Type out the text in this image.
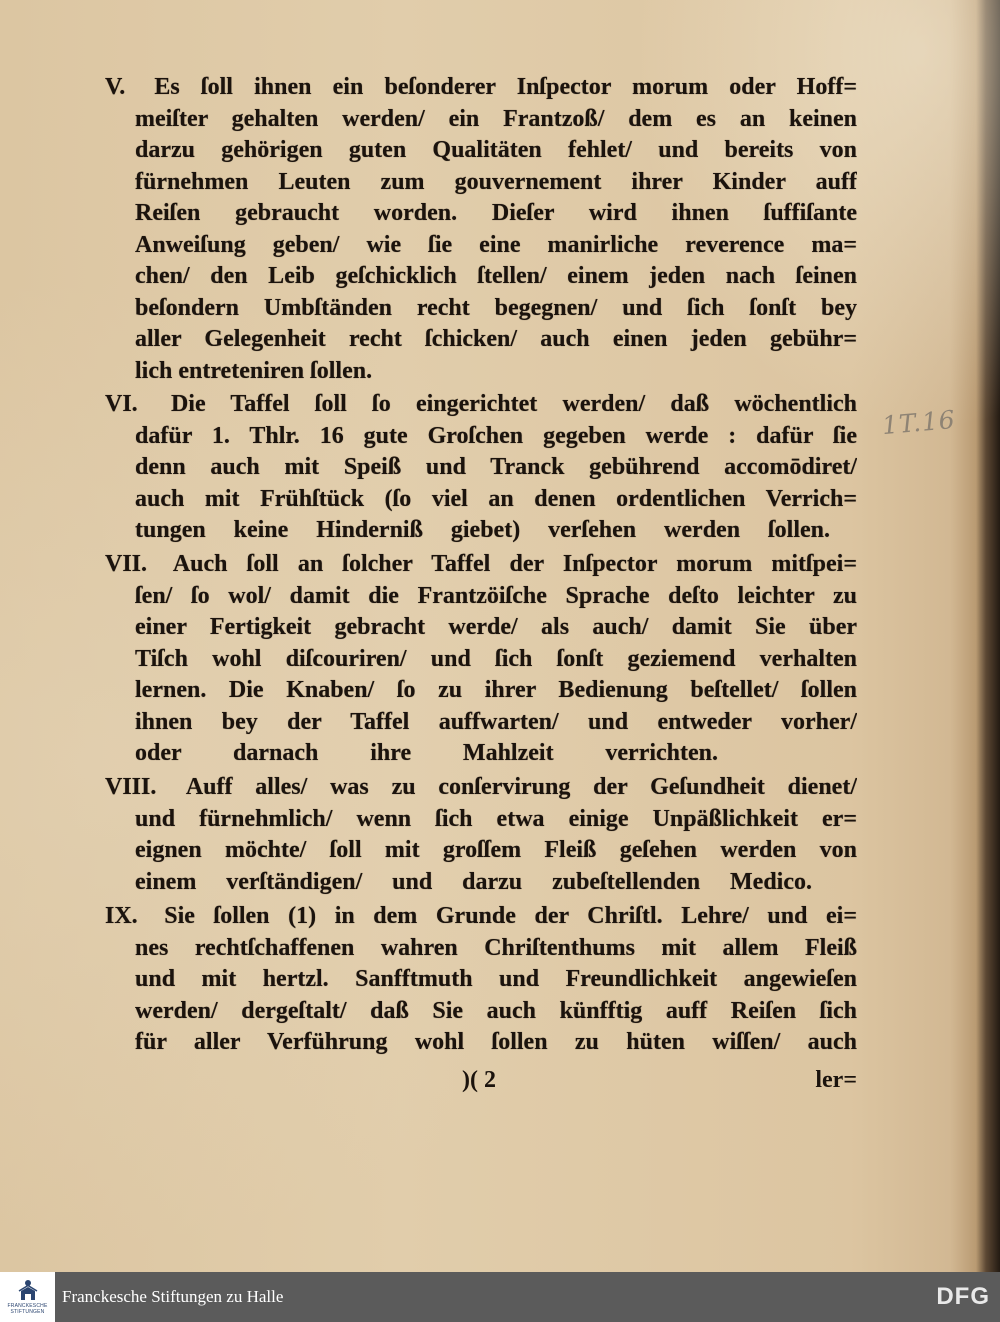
V. Es ſoll ihnen ein beſonderer Inſpector morum oder Hoff=
meiſter gehalten werden/ ein Frantzoß/ dem es an keinen
darzu gehörigen guten Qualitäten fehlet/ und bereits von
fürnehmen Leuten zum gouvernement ihrer Kinder auff
Reiſen gebraucht worden. Dieſer wird ihnen ſuffiſante
Anweiſung geben/ wie ſie eine manirliche reverence ma=
chen/ den Leib geſchicklich ſtellen/ einem jeden nach ſeinen
beſondern Umbſtänden recht begegnen/ und ſich ſonſt bey
aller Gelegenheit recht ſchicken/ auch einen jeden gebühr=
lich entreteniren ſollen.
VI. Die Taffel ſoll ſo eingerichtet werden/ daß wöchentlich
dafür 1. Thlr. 16 gute Groſchen gegeben werde : dafür ſie
denn auch mit Speiß und Tranck gebührend accomōdiret/
auch mit Frühſtück (ſo viel an denen ordentlichen Verrich=
tungen keine Hinderniß giebet) verſehen werden ſollen.
VII. Auch ſoll an ſolcher Taffel der Inſpector morum mitſpei=
ſen/ ſo wol/ damit die Frantzöiſche Sprache deſto leichter zu
einer Fertigkeit gebracht werde/ als auch/ damit Sie über
Tiſch wohl diſcouriren/ und ſich ſonſt geziemend verhalten
lernen. Die Knaben/ ſo zu ihrer Bedienung beſtellet/ ſollen
ihnen bey der Taffel auffwarten/ und entweder vorher/
oder darnach ihre Mahlzeit verrichten.
VIII. Auff alles/ was zu conſervirung der Geſundheit dienet/
und fürnehmlich/ wenn ſich etwa einige Unpäßlichkeit er=
eignen möchte/ ſoll mit groſſem Fleiß geſehen werden von
einem verſtändigen/ und darzu zubeſtellenden Medico.
IX. Sie ſollen (1) in dem Grunde der Chriſtl. Lehre/ und ei=
nes rechtſchaffenen wahren Chriſtenthums mit allem Fleiß
und mit hertzl. Sanfftmuth und Freundlichkeit angewieſen
werden/ dergeſtalt/ daß Sie auch künfftig auff Reiſen ſich
für aller Verführung wohl ſollen zu hüten wiſſen/ auch
)( 2	ler=
1T.16
FRANCKESCHE STIFTUNGEN
Franckesche Stiftungen zu Halle	DFG
